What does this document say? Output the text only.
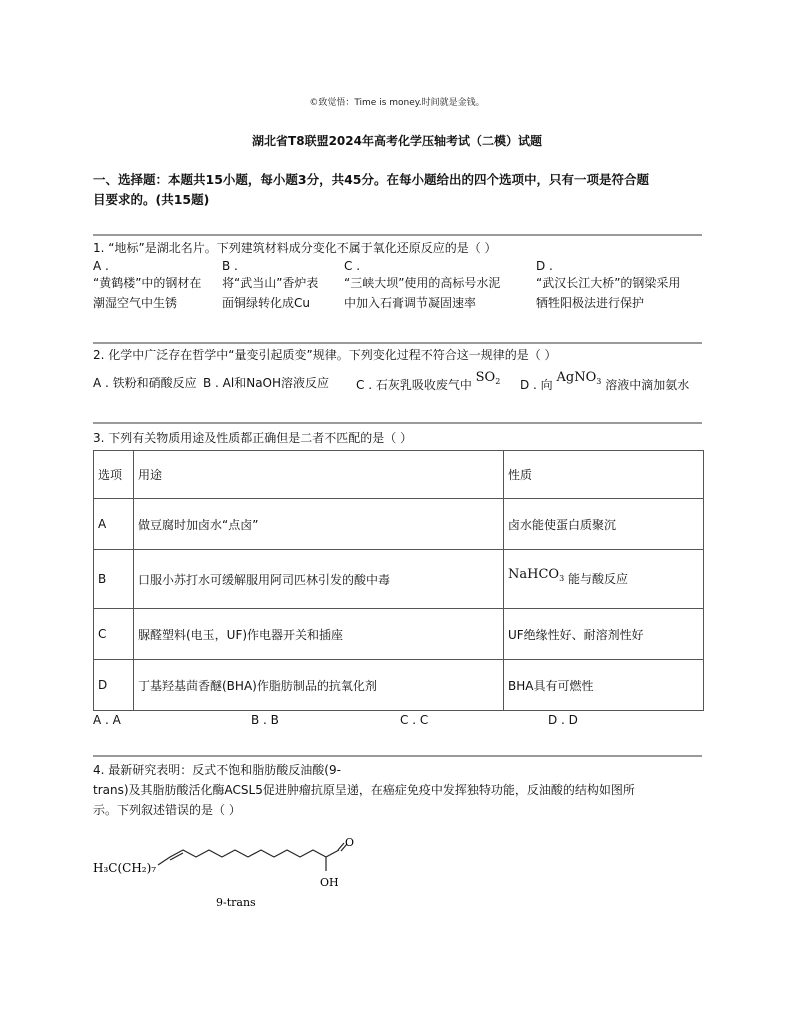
©致觉悟：Time is money.时间就是金钱。
湖北省T8联盟2024年高考化学压轴考试（二模）试题
一、选择题：本题共15小题，每小题3分，共45分。在每小题给出的四个选项中，只有一项是符合题
目要求的。(共15题)
1. “地标”是湖北名片。下列建筑材料成分变化不属于氧化还原反应的是（ ）
A .
“黄鹤楼”中的钢材在
潮湿空气中生锈
B .
将“武当山”香炉表
面铜绿转化成Cu
C .
“三峡大坝”使用的高标号水泥
中加入石膏调节凝固速率
D .
“武汉长江大桥”的钢梁采用
牺牲阳极法进行保护
2. 化学中广泛存在哲学中“量变引起质变”规律。下列变化过程不符合这一规律的是（ ）
A . 铁粉和硝酸反应 B . Al和NaOH溶液反应 C . 石灰乳吸收废气中 $SO_2$ D . 向 AgNO$_3$ 溶液中滴加氨水
3. 下列有关物质用途及性质都正确但是二者不匹配的是（ ）
选项	用途	性质
A	做豆腐时加卤水“点卤”	卤水能使蛋白质聚沉
B	口服小苏打水可缓解服用阿司匹林引发的酸中毒	NaHCO$_3$ 能与酸反应
C	脲醛塑料(电玉，UF)作电器开关和插座	UF绝缘性好、耐溶剂性好
D	丁基羟基茴香醚(BHA)作脂肪制品的抗氧化剂	BHA具有可燃性
A . A	B . B	C . C	D . D
4. 最新研究表明：反式不饱和脂肪酸反油酸(9-
trans)及其脂肪酸活化酶ACSL5促进肿瘤抗原呈递，在癌症免疫中发挥独特功能，反油酸的结构如图所
示。下列叙述错误的是（ ）
H₃C(CH₂)₇
O
OH
9-trans
